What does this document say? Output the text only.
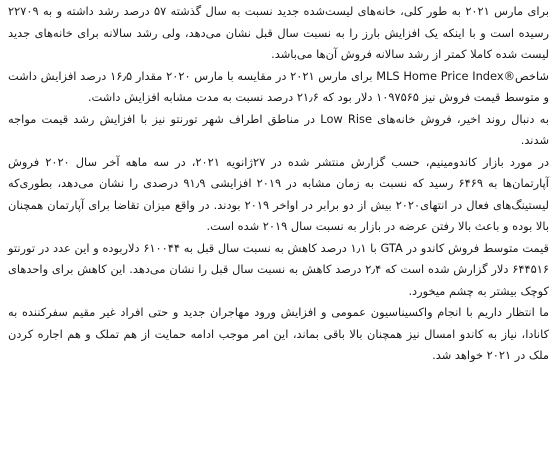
برای مارس ۲۰۲۱ به طور کلی، خانه‌های لیست‌شده جدید نسبت به سال گذشته ۵۷ درصد رشد داشته و به ۲۲۷۰۹ رسیده است و با اینکه یک افزایش بارز را به نسبت سال قبل نشان می‌دهد، ولی رشد سالانه برای خانه‌های جدید لیست شده کاملا کمتر از رشد سالانه فروش آن‌ها می‌باشد.

شاخصMLS Home Price Index® برای مارس ۲۰۲۱ در مقایسه با مارس ۲۰۲۰ مقدار ۱۶٫۵ درصد افزایش داشت و متوسط قیمت فروش نیز ۱۰۹۷۵۶۵ دلار بود که ۲۱٫۶ درصد نسبت به مدت مشابه افزایش داشت.

به دنبال روند اخیر، فروش خانه‌های Low Rise در مناطق اطراف شهر تورنتو نیز با افزایش رشد قیمت مواجه شدند.

در مورد بازار کاندومینیم، حسب گزارش منتشر شده در ۲۷ژانویه ۲۰۲۱، در سه ماهه آخر سال ۲۰۲۰ فروش آپارتمان‌ها به ۶۴۶۹ رسید که نسبت به زمان مشابه در ۲۰۱۹ افزایشی ۹۱٫۹ درصدی را نشان می‌دهد، بطوری‌که لیستینگ‌های فعال در انتهای۲۰۲۰ بیش از دو برابر در اواخر ۲۰۱۹ بودند. در واقع میزان تقاضا برای آپارتمان همچنان بالا بوده و باعث بالا رفتن عرضه در بازار به نسبت سال ۲۰۱۹ شده است.

قیمت متوسط فروش کاندو در GTA با ۱٫۱ درصد کاهش به نسبت سال قبل به ۶۱۰۰۴۴ دلاربوده و این عدد در تورنتو ۶۴۴۵۱۶ دلار گزارش شده است که ۲٫۴ درصد کاهش به نسبت سال قبل را نشان می‌دهد. این کاهش برای واحدهای کوچک بیشتر به چشم میخورد.

ما انتظار داریم با انجام واکسیناسیون عمومی و افزایش ورود مهاجران جدید و حتی افراد غیر مقیم سفرکننده به کانادا، نیاز به کاندو امسال نیز همچنان بالا باقی بماند، این امر موجب ادامه حمایت از هم تملک و هم اجاره کردن ملک در ۲۰۲۱ خواهد شد.
